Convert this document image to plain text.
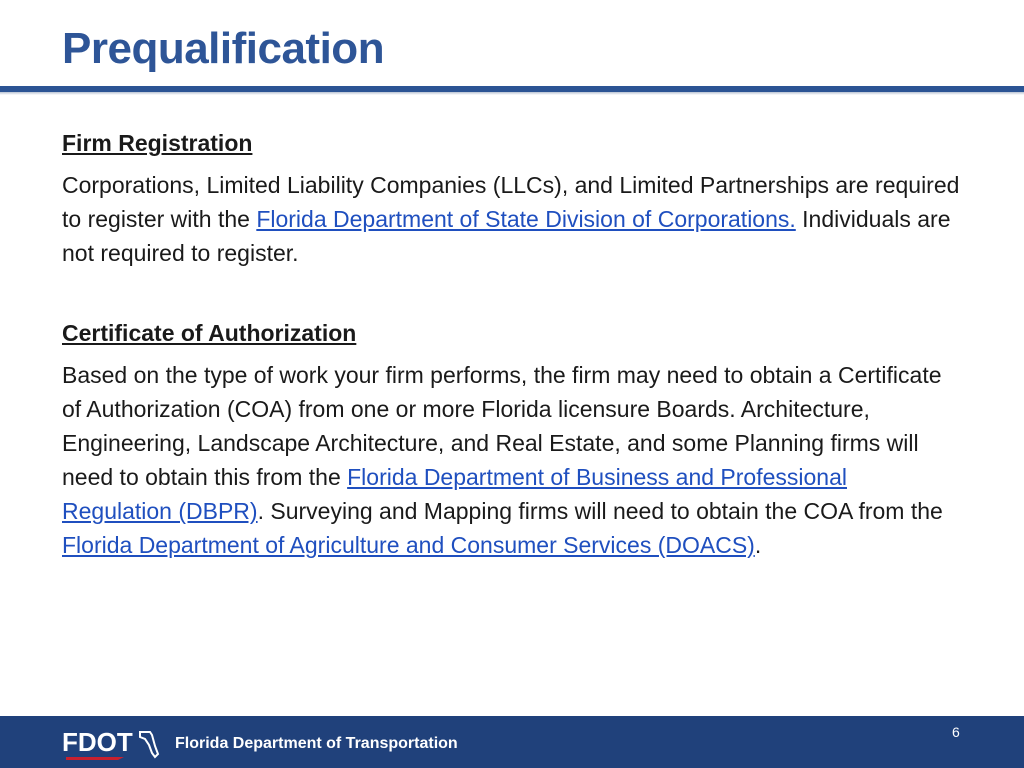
Prequalification
Firm Registration

Corporations, Limited Liability Companies (LLCs), and Limited Partnerships are required to register with the Florida Department of State Division of Corporations. Individuals are not required to register.

Certificate of Authorization

Based on the type of work your firm performs, the firm may need to obtain a Certificate of Authorization (COA) from one or more Florida licensure Boards. Architecture, Engineering, Landscape Architecture, and Real Estate, and some Planning firms will need to obtain this from the Florida Department of Business and Professional Regulation (DBPR). Surveying and Mapping firms will need to obtain the COA from the Florida Department of Agriculture and Consumer Services (DOACS).

FDOT	Florida Department of Transportation
6
